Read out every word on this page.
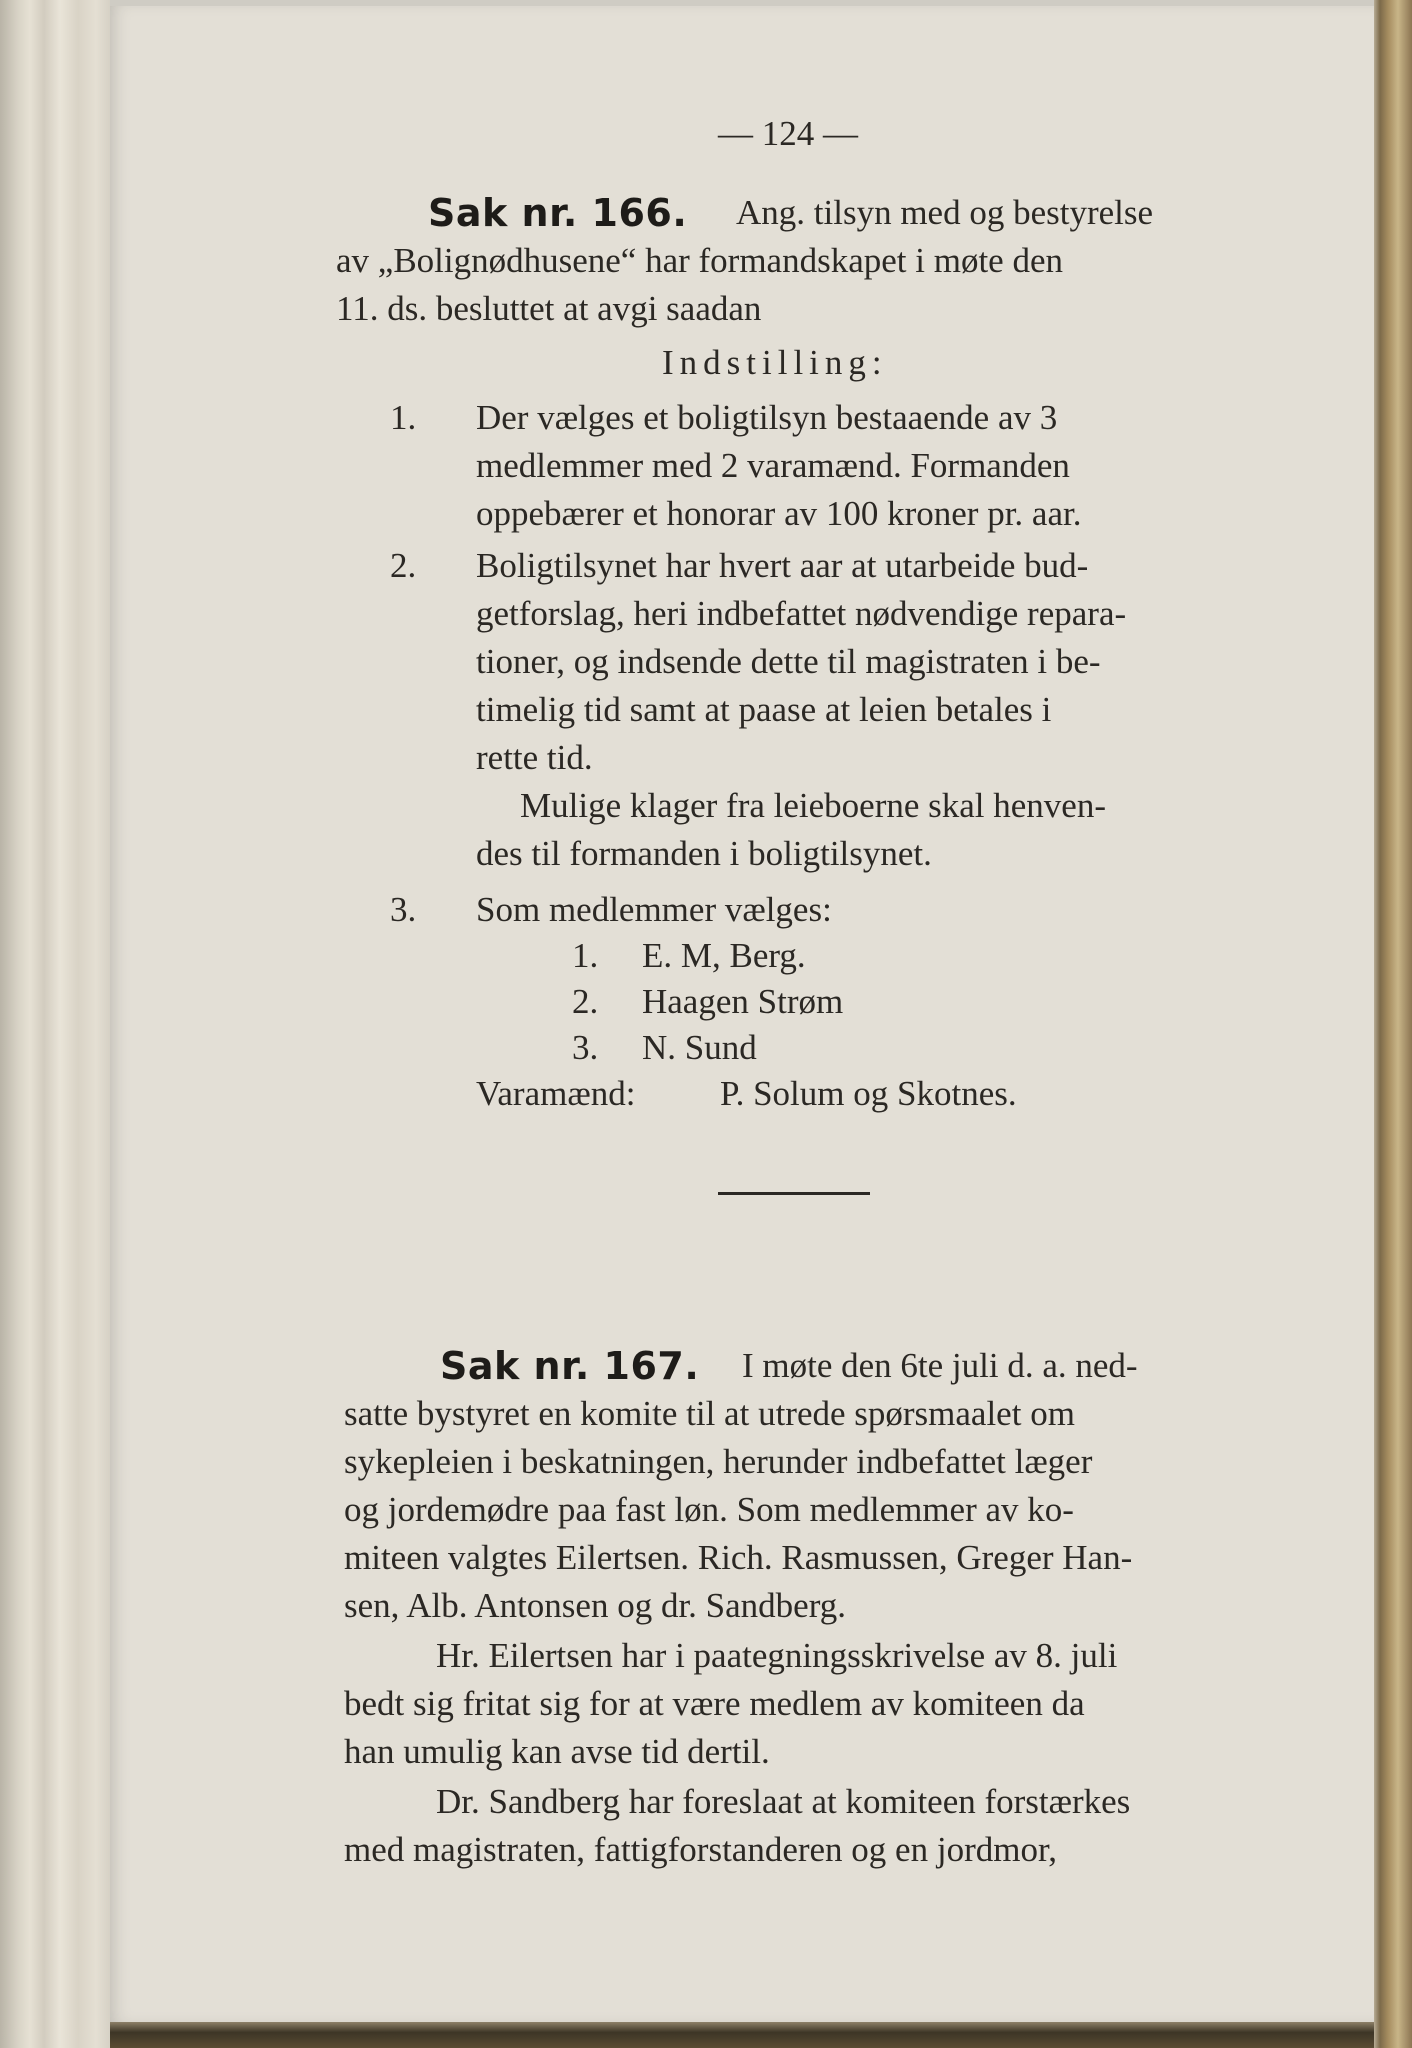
— 124 —
Sak nr. 166. Ang. tilsyn med og bestyrelse
av „Bolignødhusene“ har formandskapet i møte den
11. ds. besluttet at avgi saadan
Indstilling:
1. Der vælges et boligtilsyn bestaaende av 3
medlemmer med 2 varamænd. Formanden
oppebærer et honorar av 100 kroner pr. aar.
2. Boligtilsynet har hvert aar at utarbeide bud-
getforslag, heri indbefattet nødvendige repara-
tioner, og indsende dette til magistraten i be-
timelig tid samt at paase at leien betales i
rette tid.
Mulige klager fra leieboerne skal henven-
des til formanden i boligtilsynet.
3. Som medlemmer vælges:
1. E. M, Berg.
2. Haagen Strøm
3. N. Sund
Varamænd: P. Solum og Skotnes.
Sak nr. 167. I møte den 6te juli d. a. ned-
satte bystyret en komite til at utrede spørsmaalet om
sykepleien i beskatningen, herunder indbefattet læger
og jordemødre paa fast løn. Som medlemmer av ko-
miteen valgtes Eilertsen. Rich. Rasmussen, Greger Han-
sen, Alb. Antonsen og dr. Sandberg.
Hr. Eilertsen har i paategningsskrivelse av 8. juli
bedt sig fritat sig for at være medlem av komiteen da
han umulig kan avse tid dertil.
Dr. Sandberg har foreslaat at komiteen forstærkes
med magistraten, fattigforstanderen og en jordmor,
